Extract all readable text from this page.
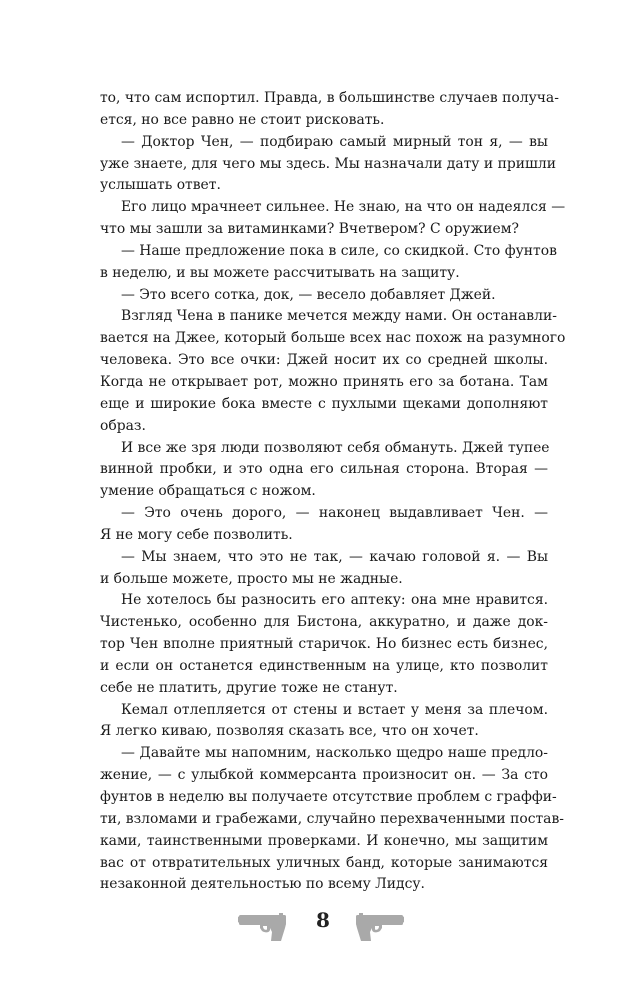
то, что сам испортил. Правда, в большинстве случаев получа-
ется, но все равно не стоит рисковать.
— Доктор Чен, — подбираю самый мирный тон я, — вы
уже знаете, для чего мы здесь. Мы назначали дату и пришли
услышать ответ.
Его лицо мрачнеет сильнее. Не знаю, на что он надеялся —
что мы зашли за витаминками? Вчетвером? С оружием?
— Наше предложение пока в силе, со скидкой. Сто фунтов
в неделю, и вы можете рассчитывать на защиту.
— Это всего сотка, док, — весело добавляет Джей.
Взгляд Чена в панике мечется между нами. Он останавли-
вается на Джее, который больше всех нас похож на разумного
человека. Это все очки: Джей носит их со средней школы.
Когда не открывает рот, можно принять его за ботана. Там
еще и широкие бока вместе с пухлыми щеками дополняют
образ.
И все же зря люди позволяют себя обмануть. Джей тупее
винной пробки, и это одна его сильная сторона. Вторая —
умение обращаться с ножом.
— Это очень дорого, — наконец выдавливает Чен. —
Я не могу себе позволить.
— Мы знаем, что это не так, — качаю головой я. — Вы
и больше можете, просто мы не жадные.
Не хотелось бы разносить его аптеку: она мне нравится.
Чистенько, особенно для Бистона, аккуратно, и даже док-
тор Чен вполне приятный старичок. Но бизнес есть бизнес,
и если он останется единственным на улице, кто позволит
себе не платить, другие тоже не станут.
Кемал отлепляется от стены и встает у меня за плечом.
Я легко киваю, позволяя сказать все, что он хочет.
— Давайте мы напомним, насколько щедро наше предло-
жение, — с улыбкой коммерсанта произносит он. — За сто
фунтов в неделю вы получаете отсутствие проблем с граффи-
ти, взломами и грабежами, случайно перехваченными постав-
ками, таинственными проверками. И конечно, мы защитим
вас от отвратительных уличных банд, которые занимаются
незаконной деятельностью по всему Лидсу.
8
